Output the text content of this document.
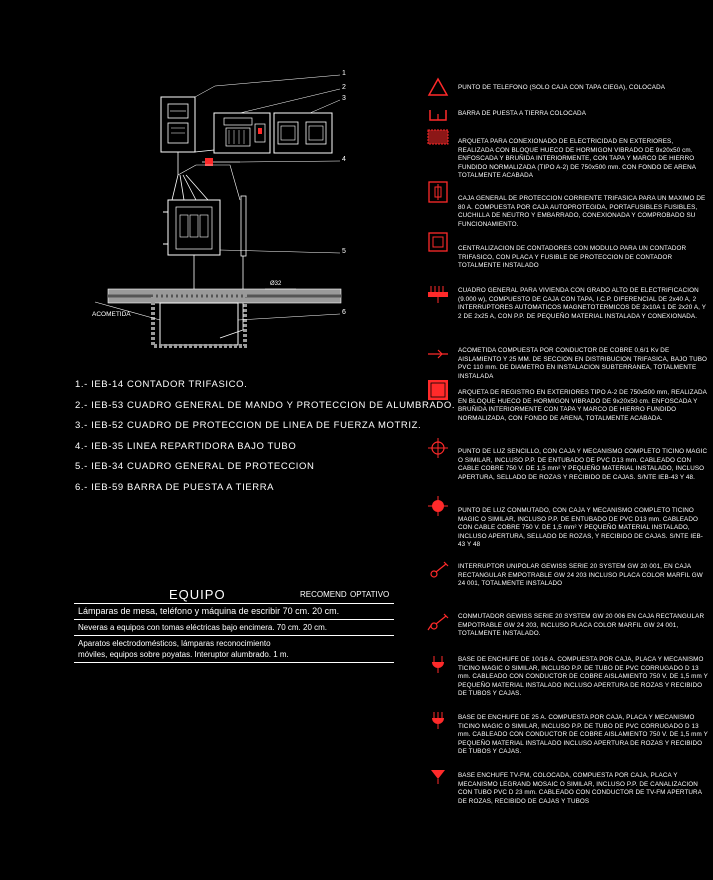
1
2
3
4
5
6
Ø32
ACOMETIDA
1.- IEB-14 CONTADOR TRIFASICO.
2.- IEB-53 CUADRO GENERAL DE MANDO Y PROTECCION DE ALUMBRADO.
3.- IEB-52 CUADRO DE PROTECCION DE LINEA DE FUERZA MOTRIZ.
4.- IEB-35 LINEA REPARTIDORA BAJO TUBO
5.- IEB-34 CUADRO GENERAL DE PROTECCION
6.- IEB-59 BARRA DE PUESTA A TIERRA
EQUIPO	RECOMEND OPTATIVO
Lámparas de mesa, teléfono y máquina de escribir 70 cm. 20 cm.
Neveras a equipos con tomas eléctricas bajo encimera. 70 cm. 20 cm.
Aparatos electrodomésticos, lámparas reconocimiento
móviles, equipos sobre poyatas. Interuptor alumbrado. 1 m.
PUNTO DE TELEFONO (SOLO CAJA CON TAPA CIEGA), COLOCADA
BARRA DE PUESTA A TIERRA COLOCADA
ARQUETA PARA CONEXIONADO DE ELECTRICIDAD EN EXTERIORES, REALIZADA CON BLOQUE HUECO DE HORMIGON VIBRADO DE 9x20x50 cm. ENFOSCADA Y BRUÑIDA INTERIORMENTE, CON TAPA Y MARCO DE HIERRO FUNDIDO NORMALIZADA (TIPO A-2) DE 750x500 mm. CON FONDO DE ARENA TOTALMENTE ACABADA
CAJA GENERAL DE PROTECCION CORRIENTE TRIFASICA PARA UN MAXIMO DE 80 A. COMPUESTA POR CAJA AUTOPROTEGIDA, PORTAFUSIBLES FUSIBLES, CUCHILLA DE NEUTRO Y EMBARRADO, CONEXIONADA Y COMPROBADO SU FUNCIONAMIENTO.
CENTRALIZACION DE CONTADORES CON MODULO PARA UN CONTADOR TRIFASICO, CON PLACA Y FUSIBLE DE PROTECCION DE CONTADOR TOTALMENTE INSTALADO
CUADRO GENERAL PARA VIVIENDA CON GRADO ALTO DE ELECTRIFICACION (9.000 w), COMPUESTO DE CAJA CON TAPA, I.C.P. DIFERENCIAL DE 2x40 A, 2 INTERRUPTORES AUTOMATICOS MAGNETOTERMICOS DE 2x10A 1 DE 2x20 A, Y 2 DE 2x25 A, CON P.P. DE PEQUEÑO MATERIAL INSTALADA Y CONEXIONADA.
ACOMETIDA COMPUESTA POR CONDUCTOR DE COBRE 0,6/1 Kv DE AISLAMIENTO Y 25 MM. DE SECCION EN DISTRIBUCION TRIFASICA, BAJO TUBO PVC 110 mm. DE DIAMETRO EN INSTALACION SUBTERRANEA, TOTALMENTE INSTALADA
ARQUETA DE REGISTRO EN EXTERIORES TIPO A-2 DE 750x500 mm, REALIZADA EN BLOQUE HUECO DE HORMIGON VIBRADO DE 9x20x50 cm. ENFOSCADA Y BRUÑIDA INTERIORMENTE CON TAPA Y MARCO DE HIERRO FUNDIDO NORMALIZADA, CON FONDO DE ARENA, TOTALMENTE ACABADA.
PUNTO DE LUZ SENCILLO, CON CAJA Y MECANISMO COMPLETO TICINO MAGIC O SIMILAR, INCLUSO P.P. DE ENTUBADO DE PVC D13 mm. CABLEADO CON CABLE COBRE 750 V. DE 1,5 mm² Y PEQUEÑO MATERIAL INSTALADO, INCLUSO APERTURA, SELLADO DE ROZAS Y RECIBIDO DE CAJAS. S/NTE IEB-43 Y 48.
PUNTO DE LUZ CONMUTADO, CON CAJA Y MECANISMO COMPLETO TICINO MAGIC O SIMILAR, INCLUSO P.P. DE ENTUBADO DE PVC D13 mm. CABLEADO CON CABLE COBRE 750 V. DE 1,5 mm² Y PEQUEÑO MATERIAL INSTALADO, INCLUSO APERTURA, SELLADO DE ROZAS, Y RECIBIDO DE CAJAS. S/NTE IEB-43 Y 48
INTERRUPTOR UNIPOLAR GEWISS SERIE 20 SYSTEM GW 20 001, EN CAJA RECTANGULAR EMPOTRABLE GW 24 203 INCLUSO PLACA COLOR MARFIL GW 24 001, TOTALMENTE INSTALADO
CONMUTADOR GEWISS SERIE 20 SYSTEM GW 20 006 EN CAJA RECTANGULAR EMPOTRABLE GW 24 203, INCLUSO PLACA COLOR MARFIL GW 24 001, TOTALMENTE INSTALADO.
BASE DE ENCHUFE DE 10/16 A. COMPUESTA POR CAJA, PLACA Y MECANISMO TICINO MAGIC O SIMILAR, INCLUSO P.P. DE TUBO DE PVC CORRUGADO D 13 mm. CABLEADO CON CONDUCTOR DE COBRE AISLAMIENTO 750 V. DE 1,5 mm Y PEQUEÑO MATERIAL INSTALADO INCLUSO APERTURA DE ROZAS Y RECIBIDO DE TUBOS Y CAJAS.
BASE DE ENCHUFE DE 25 A. COMPUESTA POR CAJA, PLACA Y MECANISMO TICINO MAGIC O SIMILAR, INCLUSO P.P. DE TUBO DE PVC CORRUGADO D 13 mm. CABLEADO CON CONDUCTOR DE COBRE AISLAMIENTO 750 V. DE 1,5 mm Y PEQUEÑO MATERIAL INSTALADO INCLUSO APERTURA DE ROZAS Y RECIBIDO DE TUBOS Y CAJAS.
BASE ENCHUFE TV-FM, COLOCADA, COMPUESTA POR CAJA, PLACA Y MECANISMO LEGRAND MOSAIC O SIMILAR, INCLUSO P.P. DE CANALIZACION CON TUBO PVC D 23 mm. CABLEADO CON CONDUCTOR DE TV-FM APERTURA DE ROZAS, RECIBIDO DE CAJAS Y TUBOS
